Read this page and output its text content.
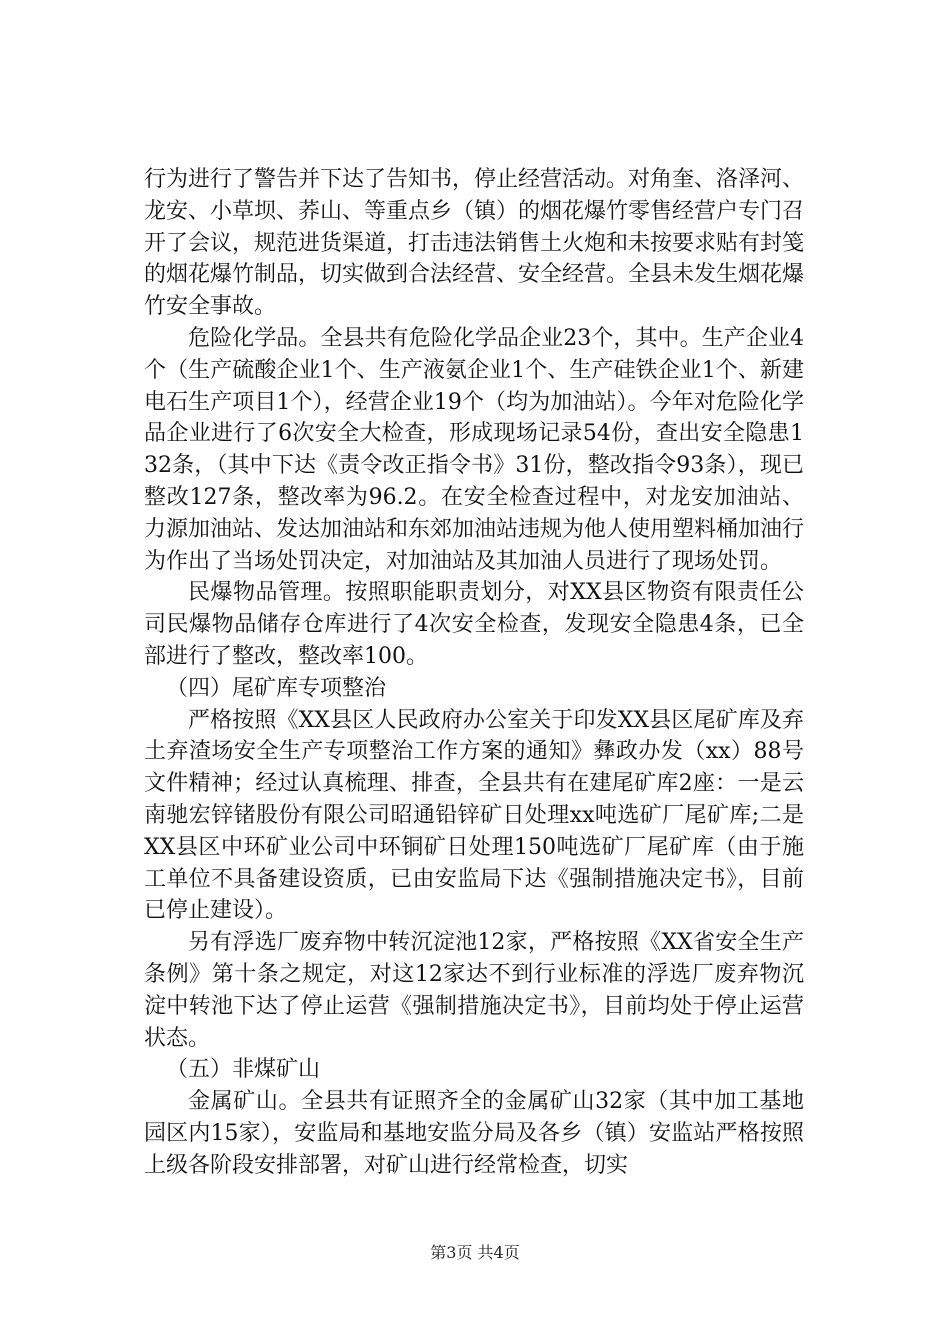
行为进行了警告并下达了告知书，停止经营活动。对角奎、洛泽河、龙安、小草坝、荞山、等重点乡（镇）的烟花爆竹零售经营户专门召开了会议，规范进货渠道，打击违法销售土火炮和未按要求贴有封笺的烟花爆竹制品，切实做到合法经营、安全经营。全县未发生烟花爆竹安全事故。

危险化学品。全县共有危险化学品企业23个，其中。生产企业4个（生产硫酸企业1个、生产液氨企业1个、生产硅铁企业1个、新建电石生产项目1个），经营企业19个（均为加油站）。今年对危险化学品企业进行了6次安全大检查，形成现场记录54份，查出安全隐患132条，（其中下达《责令改正指令书》31份，整改指令93条），现已整改127条，整改率为96.2。在安全检查过程中，对龙安加油站、力源加油站、发达加油站和东郊加油站违规为他人使用塑料桶加油行为作出了当场处罚决定，对加油站及其加油人员进行了现场处罚。

民爆物品管理。按照职能职责划分，对XX县区物资有限责任公司民爆物品储存仓库进行了4次安全检查，发现安全隐患4条，已全部进行了整改，整改率100。

（四）尾矿库专项整治

严格按照《XX县区人民政府办公室关于印发XX县区尾矿库及弃土弃渣场安全生产专项整治工作方案的通知》彝政办发（xx）88号文件精神；经过认真梳理、排查，全县共有在建尾矿库2座：一是云南驰宏锌锗股份有限公司昭通铅锌矿日处理xx吨选矿厂尾矿库;二是XX县区中环矿业公司中环铜矿日处理150吨选矿厂尾矿库（由于施工单位不具备建设资质，已由安监局下达《强制措施决定书》，目前已停止建设）。

另有浮选厂废弃物中转沉淀池12家，严格按照《XX省安全生产条例》第十条之规定，对这12家达不到行业标准的浮选厂废弃物沉淀中转池下达了停止运营《强制措施决定书》，目前均处于停止运营状态。

（五）非煤矿山

金属矿山。全县共有证照齐全的金属矿山32家（其中加工基地园区内15家），安监局和基地安监分局及各乡（镇）安监站严格按照上级各阶段安排部署，对矿山进行经常检查，切实

第3页 共4页
